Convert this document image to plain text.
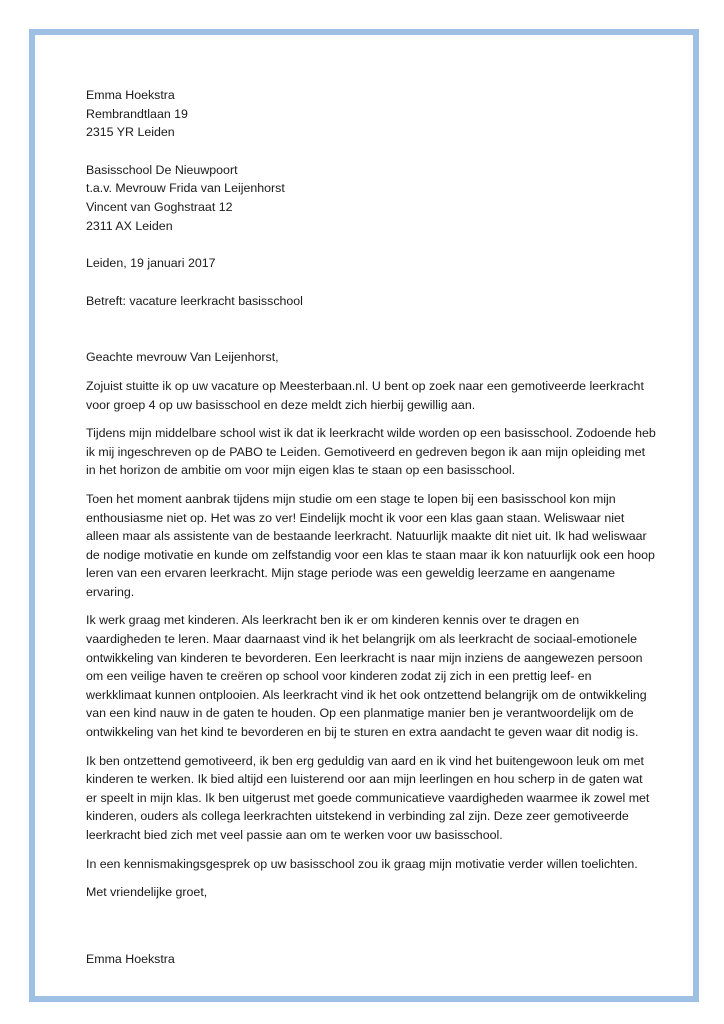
Emma Hoekstra
Rembrandtlaan 19
2315 YR Leiden
Basisschool De Nieuwpoort
t.a.v. Mevrouw Frida van Leijenhorst
Vincent van Goghstraat 12
2311 AX Leiden
Leiden, 19 januari 2017
Betreft: vacature leerkracht basisschool

Geachte mevrouw Van Leijenhorst,

Zojuist stuitte ik op uw vacature op Meesterbaan.nl. U bent op zoek naar een gemotiveerde leerkracht voor groep 4 op uw basisschool en deze meldt zich hierbij gewillig aan.

Tijdens mijn middelbare school wist ik dat ik leerkracht wilde worden op een basisschool. Zodoende heb ik mij ingeschreven op de PABO te Leiden. Gemotiveerd en gedreven begon ik aan mijn opleiding met in het horizon de ambitie om voor mijn eigen klas te staan op een basisschool.

Toen het moment aanbrak tijdens mijn studie om een stage te lopen bij een basisschool kon mijn enthousiasme niet op. Het was zo ver! Eindelijk mocht ik voor een klas gaan staan. Weliswaar niet alleen maar als assistente van de bestaande leerkracht. Natuurlijk maakte dit niet uit. Ik had weliswaar de nodige motivatie en kunde om zelfstandig voor een klas te staan maar ik kon natuurlijk ook een hoop leren van een ervaren leerkracht. Mijn stage periode was een geweldig leerzame en aangename ervaring.

Ik werk graag met kinderen. Als leerkracht ben ik er om kinderen kennis over te dragen en vaardigheden te leren. Maar daarnaast vind ik het belangrijk om als leerkracht de sociaal-emotionele ontwikkeling van kinderen te bevorderen. Een leerkracht is naar mijn inziens de aangewezen persoon om een veilige haven te creëren op school voor kinderen zodat zij zich in een prettig leef- en werkklimaat kunnen ontplooien. Als leerkracht vind ik het ook ontzettend belangrijk om de ontwikkeling van een kind nauw in de gaten te houden. Op een planmatige manier ben je verantwoordelijk om de ontwikkeling van het kind te bevorderen en bij te sturen en extra aandacht te geven waar dit nodig is.

Ik ben ontzettend gemotiveerd, ik ben erg geduldig van aard en ik vind het buitengewoon leuk om met kinderen te werken. Ik bied altijd een luisterend oor aan mijn leerlingen en hou scherp in de gaten wat er speelt in mijn klas. Ik ben uitgerust met goede communicatieve vaardigheden waarmee ik zowel met kinderen, ouders als collega leerkrachten uitstekend in verbinding zal zijn. Deze zeer gemotiveerde leerkracht bied zich met veel passie aan om te werken voor uw basisschool.

In een kennismakingsgesprek op uw basisschool zou ik graag mijn motivatie verder willen toelichten.

Met vriendelijke groet,

Emma Hoekstra
